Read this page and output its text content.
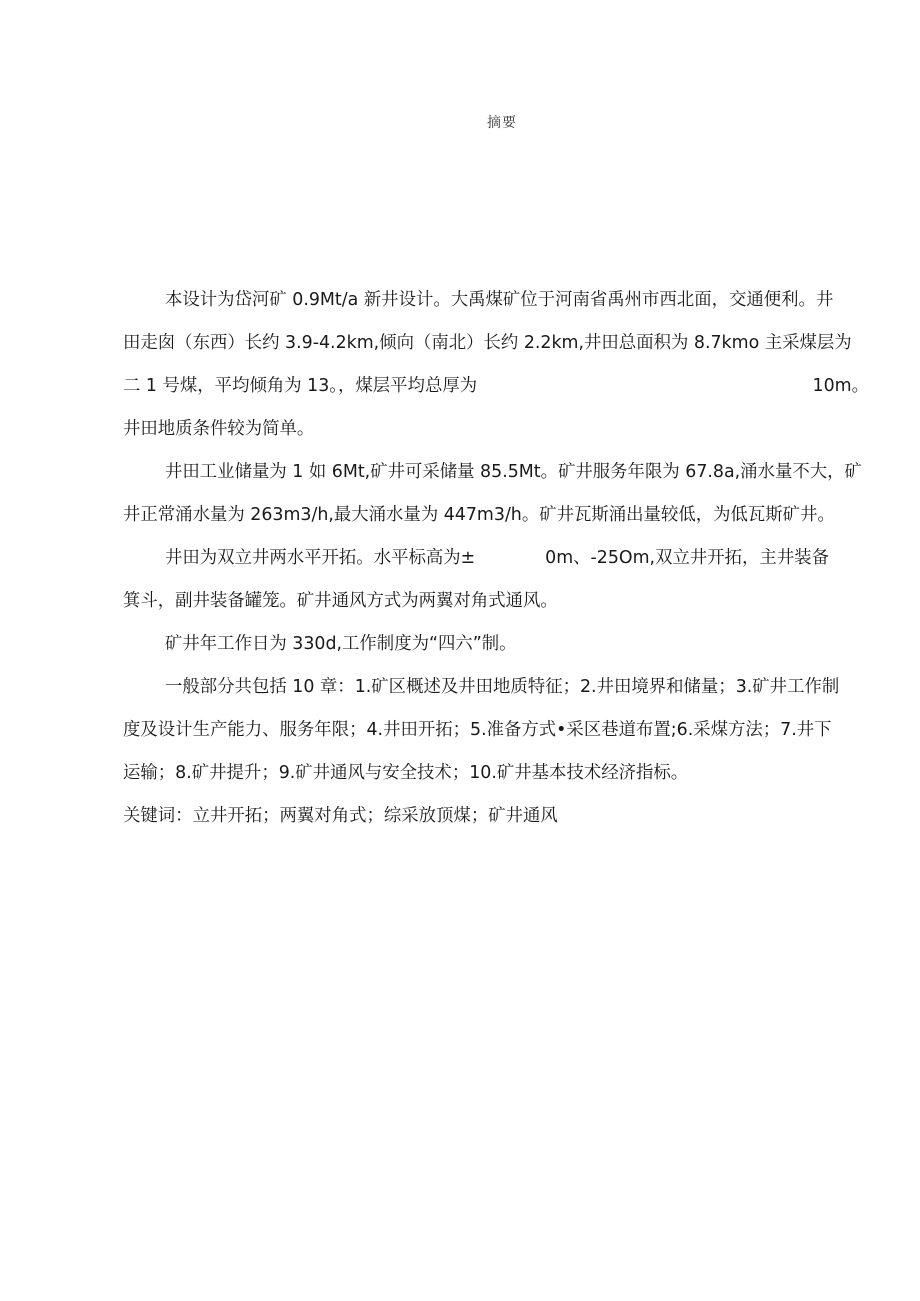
摘要
本设计为岱河矿 0.9Mt/a 新井设计。大禹煤矿位于河南省禹州市西北面，交通便利。井
田走囱（东西）长约 3.9-4.2km,倾向（南北）长约 2.2km,井田总面积为 8.7kmo 主采煤层为
二 1 号煤，平均倾角为 13。，煤层平均总厚为	10m。
井田地质条件较为简单。
井田工业储量为 1 如 6Mt,矿井可采储量 85.5Mt。矿井服务年限为 67.8a,涌水量不大，矿
井正常涌水量为 263m3/h,最大涌水量为 447m3/h。矿井瓦斯涌出量较低，为低瓦斯矿井。
井田为双立井两水平开拓。水平标高为±	0m、-25Om,双立井开拓，主井装备
箕斗，副井装备罐笼。矿井通风方式为两翼对角式通风。
矿井年工作日为 330d,工作制度为“四六”制。
一般部分共包括 10 章：1.矿区概述及井田地质特征；2.井田境界和储量；3.矿井工作制
度及设计生产能力、服务年限；4.井田开拓；5.准备方式•采区巷道布置;6.采煤方法；7.井下
运输；8.矿井提升；9.矿井通风与安全技术；10.矿井基本技术经济指标。
关键词：立井开拓；两翼对角式；综采放顶煤；矿井通风
